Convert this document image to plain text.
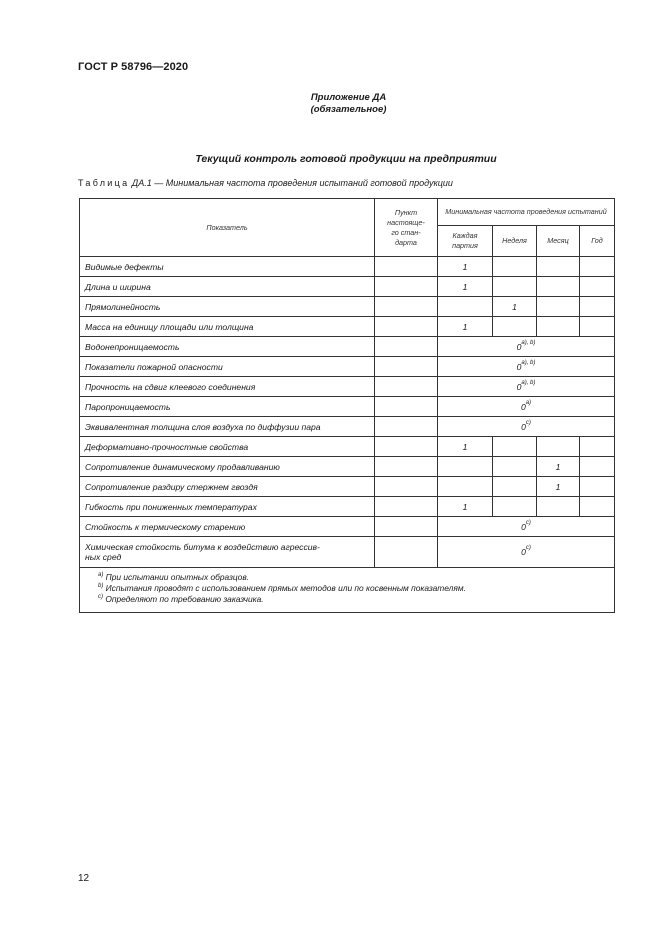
ГОСТ Р 58796—2020
Приложение ДА
(обязательное)
Текущий контроль готовой продукции на предприятии
Таблица ДА.1 — Минимальная частота проведения испытаний готовой продукции
Показатель	Пункт
настояще-
го стан-
дарта	Минимальная частота проведения испытаний			

		Каждая
партия	Неделя	Месяц	Год
Видимые дефекты		1			
Длина и ширина		1			
Прямолинейность			1		
Масса на единицу площади или толщина		1			
Водонепроницаемость		$0^{а), b)}$
Показатели пожарной опасности		$0^{а), b)}$
Прочность на сдвиг клеевого соединения		$0^{а), b)}$
Паропроницаемость		$0^{а)}$
Эквивалентная толщина слоя воздуха по диффузии пара		0$^{c)}$
Деформативно-прочностные свойства		1			
Сопротивление динамическому продавливанию				1	
Сопротивление раздиру стержнем гвоздя				1	
Гибкость при пониженных температурах		1			
Стойкость к термическому старению		0$^{c)}$

Химическая стойкость битума к воздействию агрессив-
ных сред		0$^{c)}$

$^{а)}$ При испытании опытных образцов.
$^{b)}$ Испытания проводят с использованием прямых методов или по косвенным показателям.
$^{c)}$ Определяют по требованию заказчика.					
12
